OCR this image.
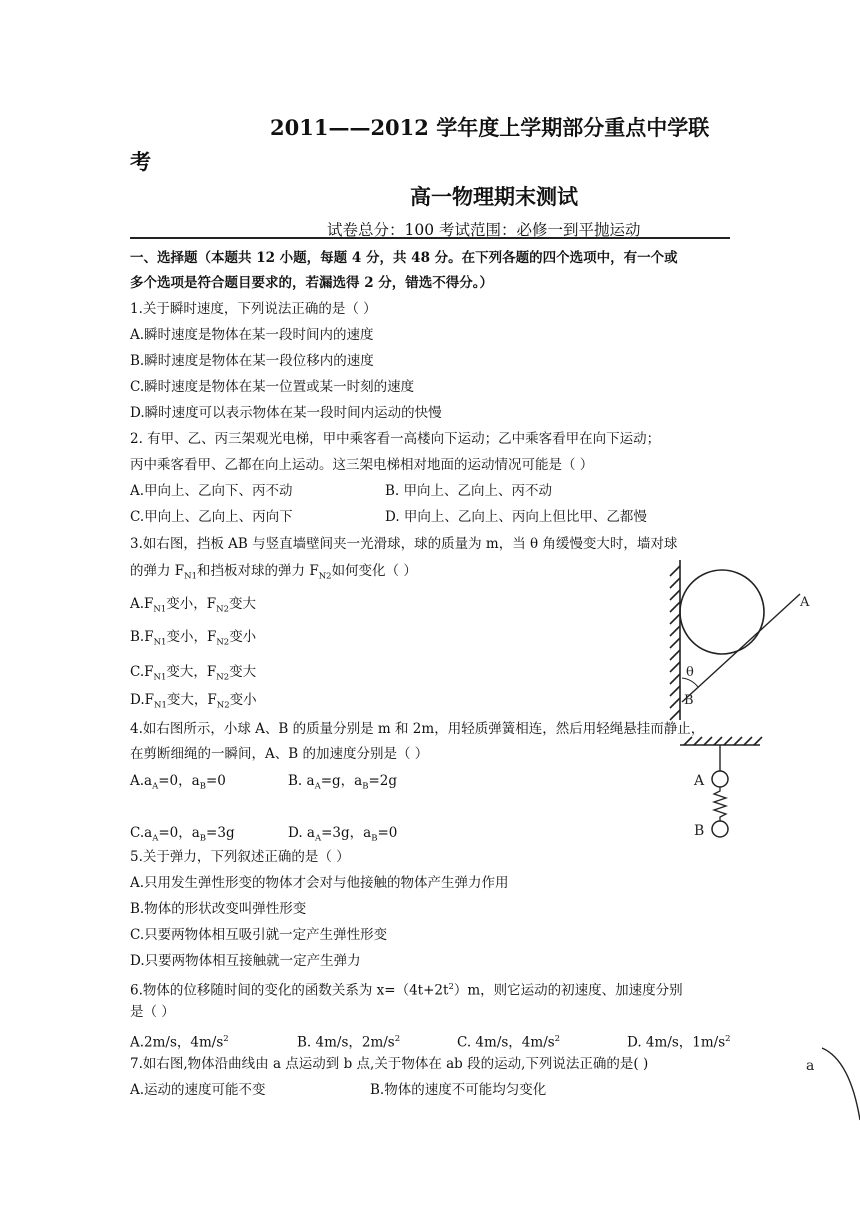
2011——2012 学年度上学期部分重点中学联
考
高一物理期末测试
试卷总分：100 考试范围：必修一到平抛运动
一、选择题（本题共 12 小题，每题 4 分，共 48 分。在下列各题的四个选项中，有一个或
多个选项是符合题目要求的，若漏选得 2 分，错选不得分。）
1.关于瞬时速度，下列说法正确的是（ ）
A.瞬时速度是物体在某一段时间内的速度
B.瞬时速度是物体在某一段位移内的速度
C.瞬时速度是物体在某一位置或某一时刻的速度
D.瞬时速度可以表示物体在某一段时间内运动的快慢
2. 有甲、乙、丙三架观光电梯，甲中乘客看一高楼向下运动；乙中乘客看甲在向下运动；
丙中乘客看甲、乙都在向上运动。这三架电梯相对地面的运动情况可能是（ ）
A.甲向上、乙向下、丙不动	B. 甲向上、乙向上、丙不动
C.甲向上、乙向上、丙向下	D. 甲向上、乙向上、丙向上但比甲、乙都慢
3.如右图，挡板 AB 与竖直墙壁间夹一光滑球，球的质量为 m，当 θ 角缓慢变大时，墙对球
的弹力 $F_{N1}$和挡板对球的弹力 $F_{N2}$如何变化（ ）
$A.F_{N1}$变小，$F_{N2}$变大
$B.F_{N1}$变小，$F_{N2}$变小
$C.F_{N1}$变大，$F_{N2}$变大
$D.F_{N1}$变大，$F_{N2}$变小
θ
B
A
4.如右图所示，小球 A、B 的质量分别是 m 和 2m，用轻质弹簧相连，然后用轻绳悬挂而静止，
在剪断细绳的一瞬间，A、B 的加速度分别是（ ）
$A.a_A=0$，$a_B=0$	B. $a_A=g$，$a_B=2g$
$C.a_A=0$，$a_B=3g$	D. $a_A=3g$，$a_B=0$
A
B
5.关于弹力，下列叙述正确的是（ ）
A.只用发生弹性形变的物体才会对与他接触的物体产生弹力作用
B.物体的形状改变叫弹性形变
C.只要两物体相互吸引就一定产生弹性形变
D.只要两物体相互接触就一定产生弹力
6.物体的位移随时间的变化的函数关系为 $x=(4t+2t^2)m$，则它运动的初速度、加速度分别
是（ ）
A.2m/s，$4m/s^2$	B. 4m/s，$2m/s^2$	C. 4m/s，$4m/s^2$	D. 4m/s，$1m/s^2$
7.如右图,物体沿曲线由 a 点运动到 b 点,关于物体在 ab 段的运动,下列说法正确的是( )
A.运动的速度可能不变	B.物体的速度不可能均匀变化
a
